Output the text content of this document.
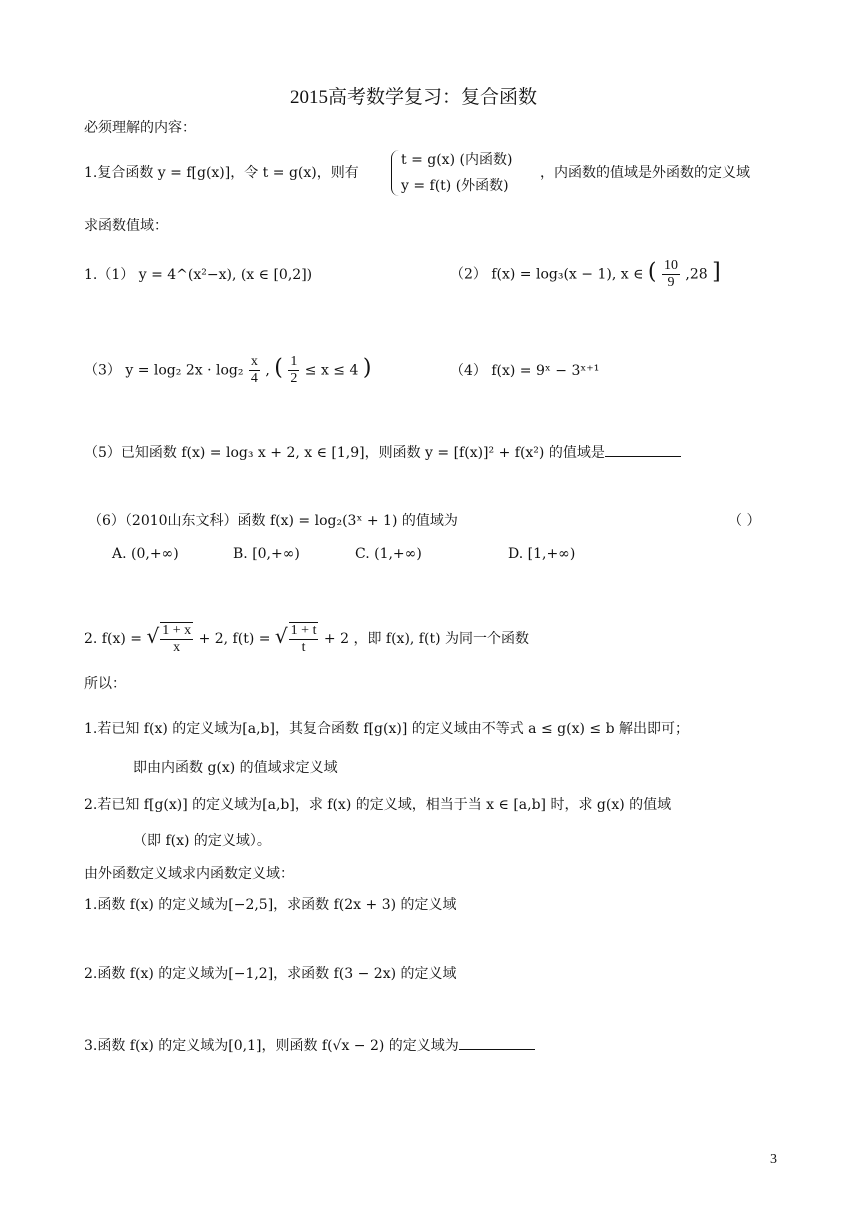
2015高考数学复习：复合函数
必须理解的内容：
1.复合函数 y = f[g(x)]，令 t = g(x)，则有
t = g(x) (内函数)
y = f(t) (外函数)
，内函数的值域是外函数的定义域
求函数值域：
1.（1） y = 4^(x²−x), (x ∈ [0,2])	（2） f(x) = log₃(x − 1), x ∈ ( $\frac{10}{9} ,28$ ]
（3） y = log₂ $2x \cdot \log_2 \frac{x}{4}$ , ( $\frac{1}{2} \le x \le 4$ )	（4） f(x) = 9ˣ − 3ˣ⁺¹
（5）已知函数 f(x) = log₃ x + 2, x ∈ [1,9]，则函数 y = [f(x)]² + f(x²) 的值域是
（6）（2010山东文科）函数 f(x) = log₂(3ˣ + 1) 的值域为	（ ）
A. (0,+∞)	B. [0,+∞)	C. (1,+∞)	D. [1,+∞)
2. f(x) = √ $\frac{1 + x}{x} + 2$, f(t) = √ $\frac{1 + t}{t} + 2$ ，即 f(x), f(t) 为同一个函数
所以：
1.若已知 f(x) 的定义域为[a,b]，其复合函数 f[g(x)] 的定义域由不等式 a ≤ g(x) ≤ b 解出即可；
即由内函数 g(x) 的值域求定义域
2.若已知 f[g(x)] 的定义域为[a,b]，求 f(x) 的定义域，相当于当 x ∈ [a,b] 时，求 g(x) 的值域
（即 f(x) 的定义域）。
由外函数定义域求内函数定义域：
1.函数 f(x) 的定义域为[−2,5]，求函数 f(2x + 3) 的定义域
2.函数 f(x) 的定义域为[−1,2]，求函数 f(3 − 2x) 的定义域
3.函数 f(x) 的定义域为[0,1]，则函数 f(√x − 2) 的定义域为
3
